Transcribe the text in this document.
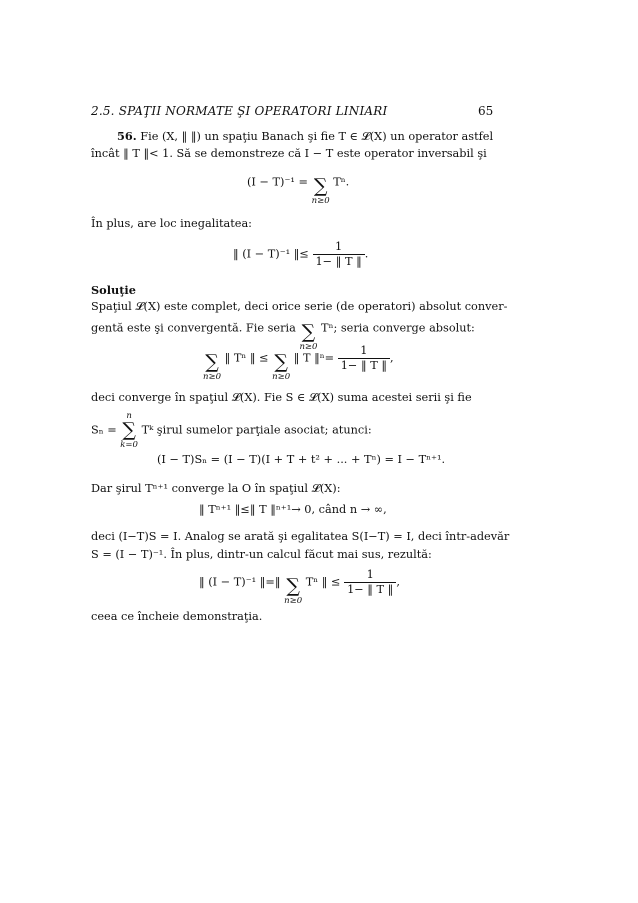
2.5. SPAŢII NORMATE ŞI OPERATORI LINIARI	65
56. Fie (X, ‖ ‖) un spaţiu Banach şi fie T ∈ 𝓛(X) un operator astfel
încât ‖ T ‖< 1. Să se demonstreze că I − T este operator inversabil şi
(I − T)⁻¹ = ∑
n≥0
Tⁿ.
În plus, are loc inegalitatea:
‖ (I − T)⁻¹ ‖≤ $\frac{1}{1- ‖ T ‖}$ .
Soluţie
Spaţiul 𝓛(X) este complet, deci orice serie (de operatori) absolut conver-
gentă este şi convergentă. Fie seria ∑
n≥0
Tⁿ; seria converge absolut:
∑
n≥0
‖ Tⁿ ‖ ≤ ∑
n≥0
‖ T ‖ⁿ= $\frac{1}{1- ‖ T ‖}$ ,
deci converge în spaţiul 𝓛(X). Fie S ∈ 𝓛(X) suma acestei serii şi fie
Sₙ =
n
∑
k=0
Tᵏ şirul sumelor parţiale asociat; atunci:
(I − T)Sₙ = (I − T)(I + T + t² + ... + Tⁿ) = I − Tⁿ⁺¹.
Dar şirul Tⁿ⁺¹ converge la O în spaţiul 𝓛(X):
‖ Tⁿ⁺¹ ‖≤‖ T ‖ⁿ⁺¹→ 0, când n → ∞,
deci (I−T)S = I. Analog se arată şi egalitatea S(I−T) = I, deci într-adevăr
S = (I − T)⁻¹. În plus, dintr-un calcul făcut mai sus, rezultă:
‖ (I − T)⁻¹ ‖=‖ ∑
n≥0
Tⁿ ‖ ≤ $\frac{1}{1- ‖ T ‖}$ ,
ceea ce încheie demonstraţia.
